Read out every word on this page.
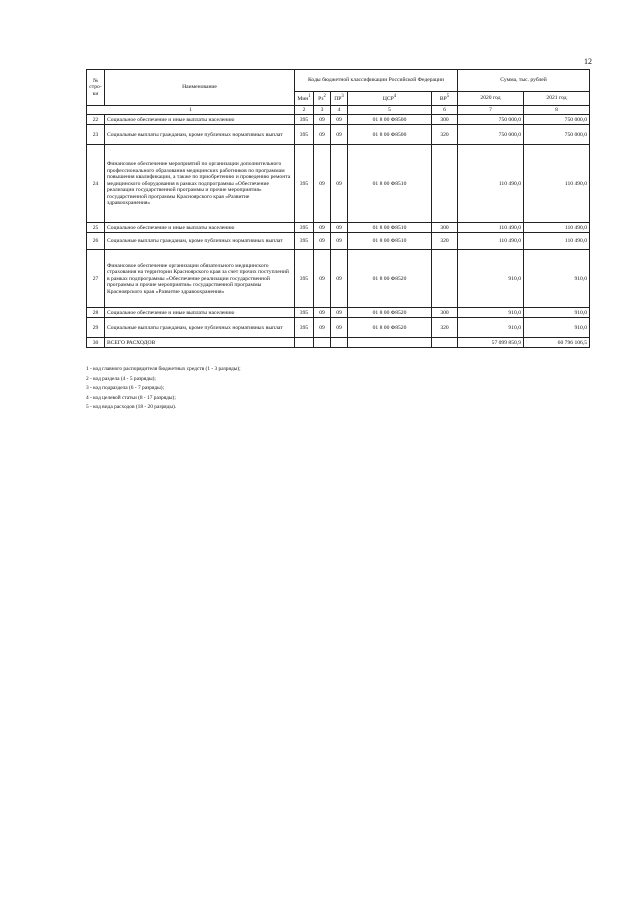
12
№ стро-ки	Наименование	Коды бюджетной классификации Российской Федерации					Сумма, тыс. рублей	
		Мин$^1$	$Рз^2$	$ПР^3$	ЦСР$^4$	$ВР^5$	2020 год	2021 год
1		2	3	4	5	6	7	8
22	Социальное обеспечение и иные выплаты населению	395	09	09	01 8 00 Ф8500	300	750 000,0	750 000,0
23	Социальные выплаты гражданам, кроме публичных нормативных выплат	395	09	09	01 8 00 Ф8500	320	750 000,0	750 000,0
24	Финансовое обеспечение мероприятий по организации дополнительного профессионального образования медицинских работников по программам повышения квалификации, а также по приобретению и проведению ремонта медицинского оборудования в рамках подпрограммы «Обеспечение реализации государственной программы и прочие мероприятия» государственной программы Красноярского края «Развитие здравоохранения»	395	09	09	01 8 00 Ф8510		110 490,0	110 490,0
25	Социальное обеспечение и иные выплаты населению	395	09	09	01 8 00 Ф8510	300	110 490,0	110 490,0
26	Социальные выплаты гражданам, кроме публичных нормативных выплат	395	09	09	01 8 00 Ф8510	320	110 490,0	110 490,0
27	Финансовое обеспечение организации обязательного медицинского страхования на территории Красноярского края за счет прочих поступлений в рамках подпрограммы «Обеспечение реализации государственной программы и прочие мероприятия» государственной программы Красноярского края «Развитие здравоохранения»	395	09	09	01 8 00 Ф8520		910,0	910,0
28	Социальное обеспечение и иные выплаты населению	395	09	09	01 8 00 Ф8520	300	910,0	910,0
29	Социальные выплаты гражданам, кроме публичных нормативных выплат	395	09	09	01 8 00 Ф8520	320	910,0	910,0
30	ВСЕГО РАСХОДОВ						57 099 850,9	60 796 106,5
1 - код главного распорядителя бюджетных средств (1 - 3 разряды);
2 - код раздела (4 - 5 разряды);
3 - код подраздела (6 - 7 разряды);
4 - код целевой статьи (8 - 17 разряды);
5 - код вида расходов (18 - 20 разряды).
